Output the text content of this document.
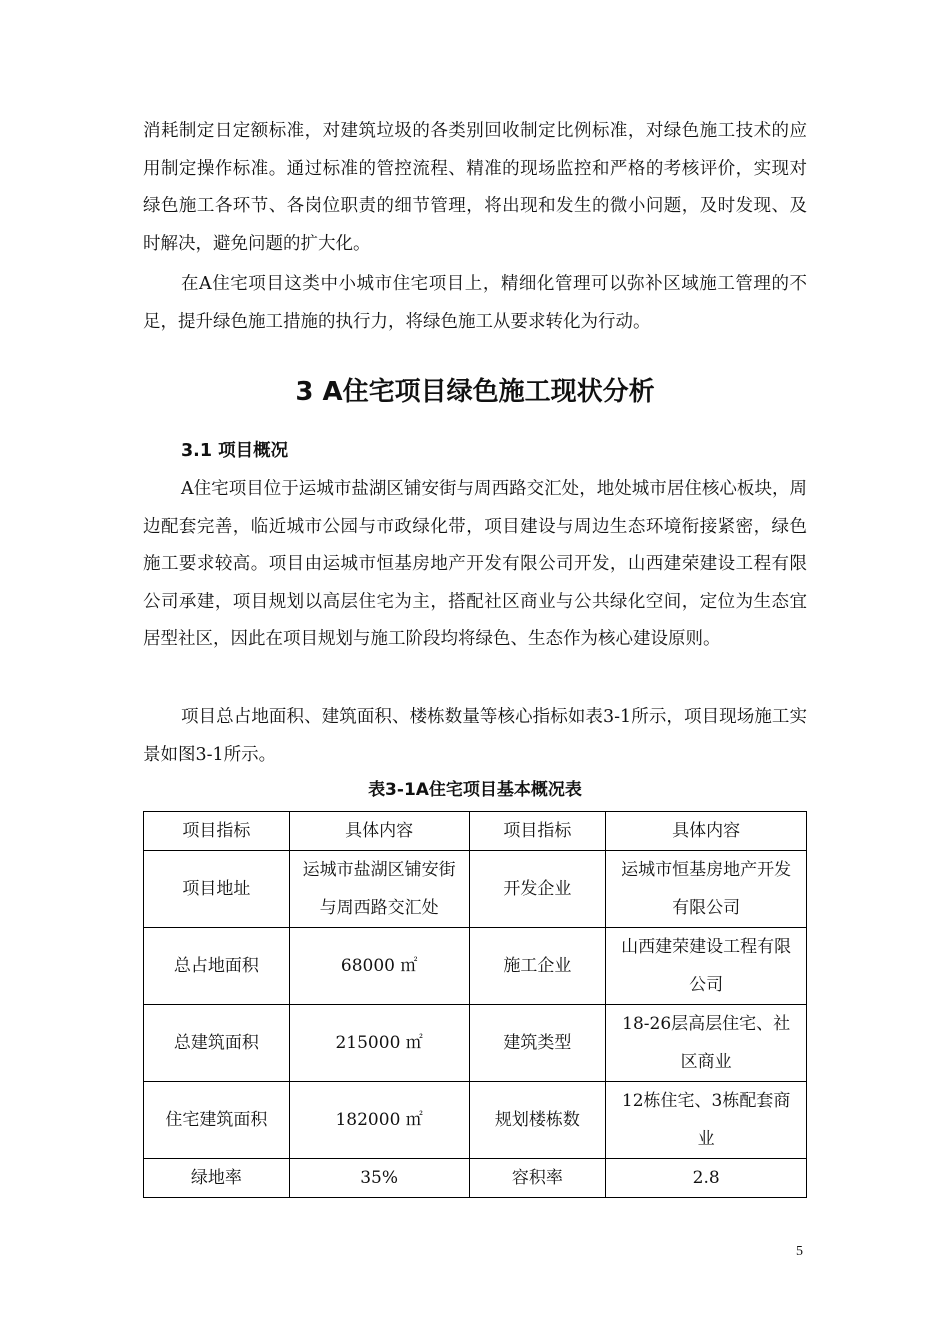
消耗制定日定额标准，对建筑垃圾的各类别回收制定比例标准，对绿色施工技术的应用制定操作标准。通过标准的管控流程、精准的现场监控和严格的考核评价，实现对绿色施工各环节、各岗位职责的细节管理，将出现和发生的微小问题，及时发现、及时解决，避免问题的扩大化。

在A住宅项目这类中小城市住宅项目上，精细化管理可以弥补区域施工管理的不足，提升绿色施工措施的执行力，将绿色施工从要求转化为行动。

3 A住宅项目绿色施工现状分析
3.1 项目概况

A住宅项目位于运城市盐湖区铺安街与周西路交汇处，地处城市居住核心板块，周边配套完善，临近城市公园与市政绿化带，项目建设与周边生态环境衔接紧密，绿色施工要求较高。项目由运城市恒基房地产开发有限公司开发，山西建荣建设工程有限公司承建，项目规划以高层住宅为主，搭配社区商业与公共绿化空间，定位为生态宜居型社区，因此在项目规划与施工阶段均将绿色、生态作为核心建设原则。

项目总占地面积、建筑面积、楼栋数量等核心指标如表3-1所示，项目现场施工实景如图3-1所示。

表3-1A住宅项目基本概况表
项目指标	具体内容	项目指标	具体内容
项目地址	运城市盐湖区铺安街与周西路交汇处	开发企业	运城市恒基房地产开发有限公司
总占地面积	68000 ㎡	施工企业	山西建荣建设工程有限公司
总建筑面积	215000 ㎡	建筑类型	18-26层高层住宅、社区商业
住宅建筑面积	182000 ㎡	规划楼栋数	12栋住宅、3栋配套商业
绿地率	35%	容积率	2.8
5
